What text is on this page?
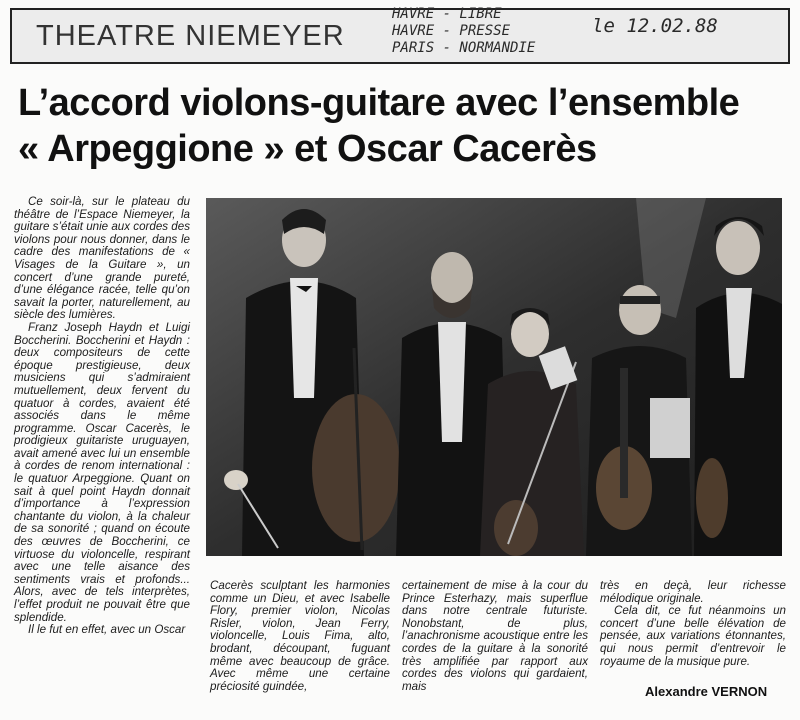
THEATRE NIEMEYER
HAVRE - LIBRE
HAVRE - PRESSE
PARIS - NORMANDIE
le 12.02.88
L’accord violons-guitare avec l’ensemble
« Arpeggione » et Oscar Cacerès

Ce soir-là, sur le plateau du théâtre de l’Espace Niemeyer, la guitare s’était unie aux cordes des violons pour nous donner, dans le cadre des manifestations de « Visages de la Guitare », un concert d’une grande pureté, d’une élégance racée, telle qu’on savait la porter, naturellement, au siècle des lumières.

Franz Joseph Haydn et Luigi Boccherini. Boccherini et Haydn : deux compositeurs de cette époque prestigieuse, deux musiciens qui s’admiraient mutuellement, deux fervent du quatuor à cordes, avaient été associés dans le même programme. Oscar Cacerès, le prodigieux guitariste uruguayen, avait amené avec lui un ensemble à cordes de renom international : le quatuor Arpeggione. Quant on sait à quel point Haydn donnait d’importance à l’expression chantante du violon, à la chaleur de sa sonorité ; quand on écoute des œuvres de Boccherini, ce virtuose du violoncelle, respirant avec une telle aisance des sentiments vrais et profonds... Alors, avec de tels interprètes, l’effet produit ne pouvait être que splendide.

Il le fut en effet, avec un Oscar

Cacerès sculptant les harmonies comme un Dieu, et avec Isabelle Flory, premier violon, Nicolas Risler, violon, Jean Ferry, violoncelle, Louis Fima, alto, brodant, découpant, fuguant même avec beaucoup de grâce. Avec même une certaine préciosité guindée,
certainement de mise à la cour du Prince Esterhazy, mais superflue dans notre centrale futuriste. Nonobstant, de plus, l’anachronisme acoustique entre les cordes de la guitare à la sonorité très amplifiée par rapport aux cordes des violons qui gardaient, mais

très en deçà, leur richesse mélodique originale.

Cela dit, ce fut néanmoins un concert d’une belle élévation de pensée, aux variations étonnantes, qui nous permit d’entrevoir le royaume de la musique pure.

Alexandre VERNON
